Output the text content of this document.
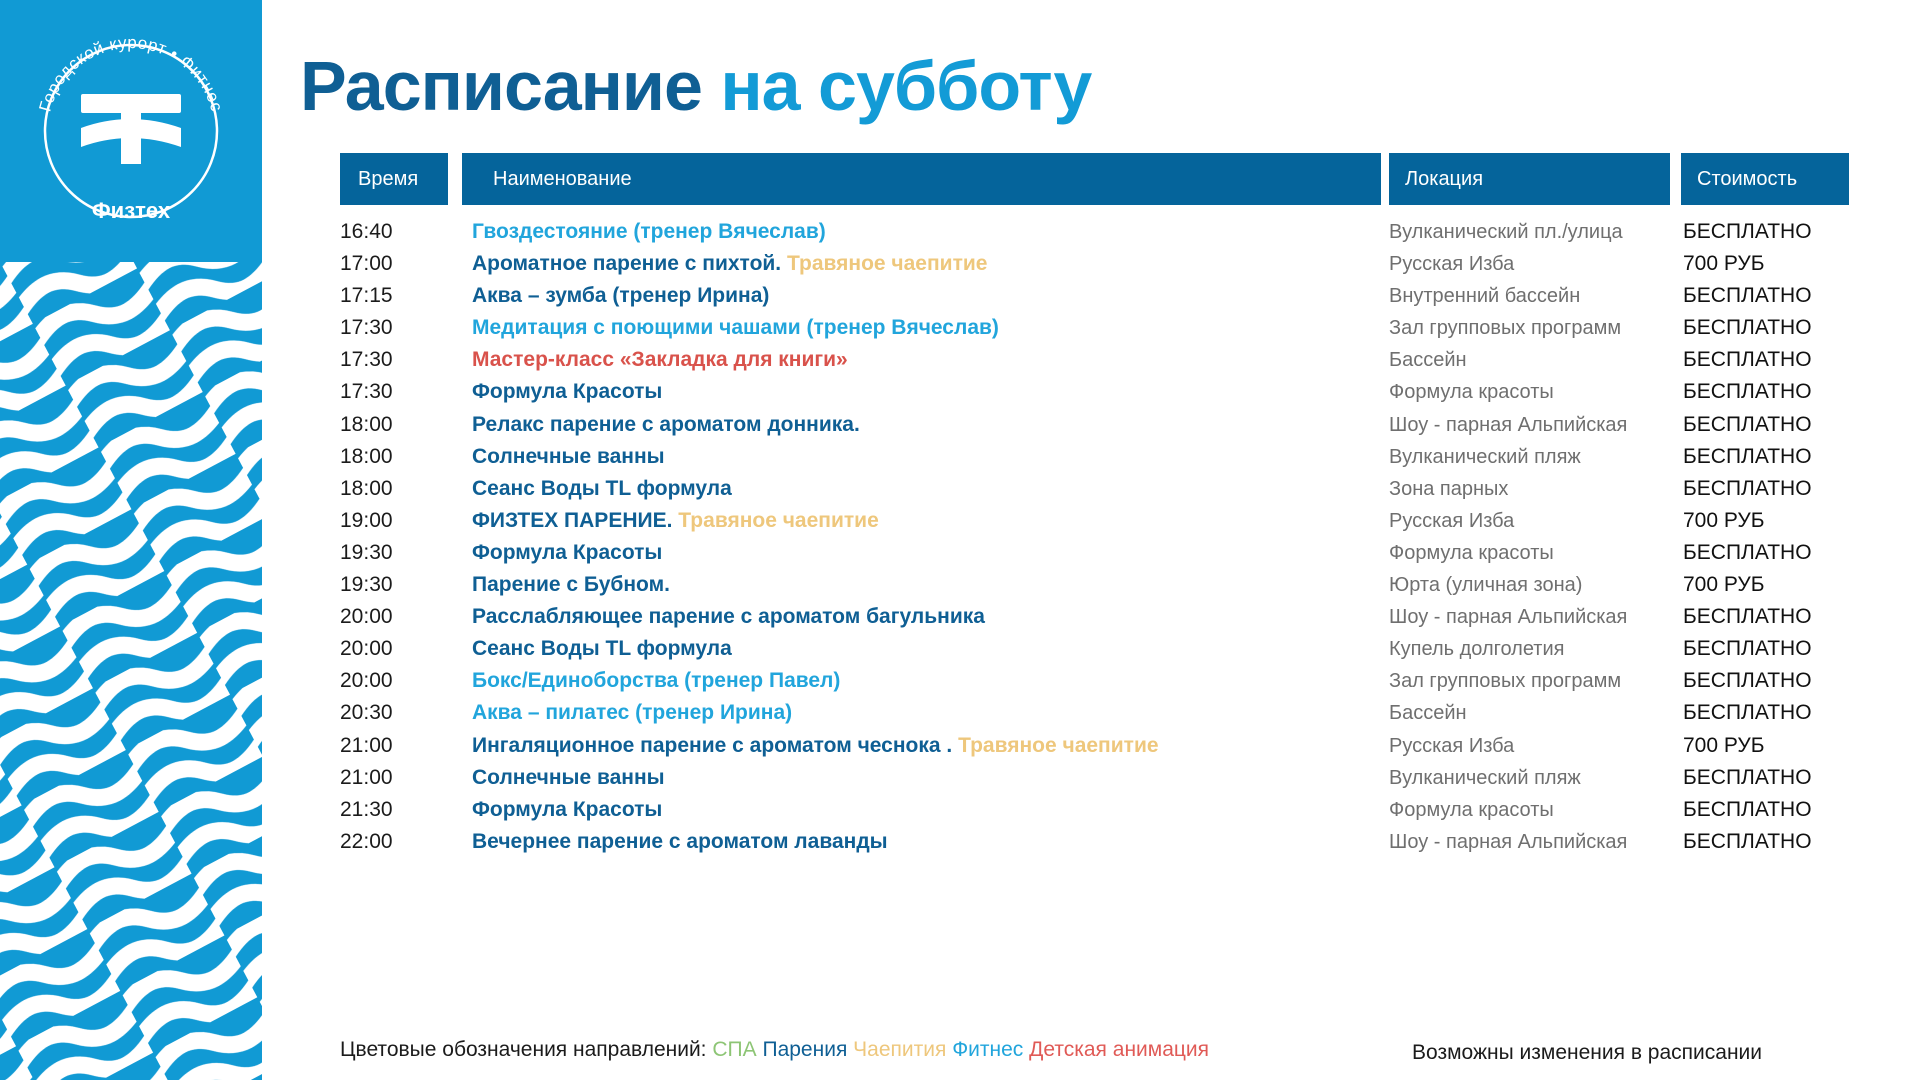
Городской курорт • Фитнес
Физтех
Расписание на субботу
Время	Наименование	Локация	Стоимость
16:40	Гвоздестояние (тренер Вячеслав)	Вулканический пл./улица	БЕСПЛАТНО
17:00	Ароматное парение с пихтой. Травяное чаепитие	Русская Изба	700 РУБ
17:15	Аква – зумба (тренер Ирина)	Внутренний бассейн	БЕСПЛАТНО
17:30	Медитация с поющими чашами (тренер Вячеслав)	Зал групповых программ	БЕСПЛАТНО
17:30	Мастер-класс «Закладка для книги»	Бассейн	БЕСПЛАТНО
17:30	Формула Красоты	Формула красоты	БЕСПЛАТНО
18:00	Релакс парение с ароматом донника.	Шоу - парная Альпийская	БЕСПЛАТНО
18:00	Солнечные ванны	Вулканический пляж	БЕСПЛАТНО
18:00	Сеанс Воды TL формула	Зона парных	БЕСПЛАТНО
19:00	ФИЗТЕХ ПАРЕНИЕ. Травяное чаепитие	Русская Изба	700 РУБ
19:30	Формула Красоты	Формула красоты	БЕСПЛАТНО
19:30	Парение с Бубном.	Юрта (уличная зона)	700 РУБ
20:00	Расслабляющее парение с ароматом багульника	Шоу - парная Альпийская	БЕСПЛАТНО
20:00	Сеанс Воды TL формула	Купель долголетия	БЕСПЛАТНО
20:00	Бокс/Единоборства (тренер Павел)	Зал групповых программ	БЕСПЛАТНО
20:30	Аква – пилатес (тренер Ирина)	Бассейн	БЕСПЛАТНО
21:00	Ингаляционное парение с ароматом чеснока . Травяное чаепитие	Русская Изба	700 РУБ
21:00	Солнечные ванны	Вулканический пляж	БЕСПЛАТНО
21:30	Формула Красоты	Формула красоты	БЕСПЛАТНО
22:00	Вечернее парение с ароматом лаванды	Шоу - парная Альпийская	БЕСПЛАТНО
Цветовые обозначения направлений: СПА Парения Чаепития Фитнес Детская анимация	Возможны изменения в расписании
